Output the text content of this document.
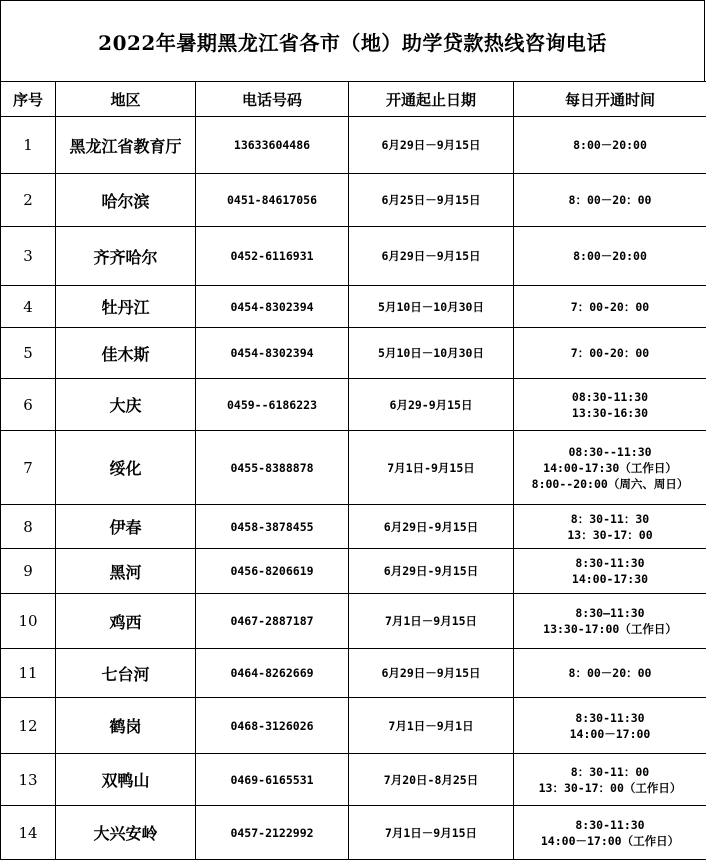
2022年暑期黑龙江省各市（地）助学贷款热线咨询电话
序号	地区	电话号码	开通起止日期	每日开通时间
1	黑龙江省教育厅	13633604486	6月29日－9月15日	8:00－20:00

2	哈尔滨	0451-84617056	6月25日－9月15日	8：00－20：00

3	齐齐哈尔	0452-6116931	6月29日－9月15日	8:00－20:00

4	牡丹江	0454-8302394	5月10日－10月30日	7：00-20：00

5	佳木斯	0454-8302394	5月10日－10月30日	7：00-20：00

6	大庆	0459--6186223	6月29-9月15日	08:30-11:30
13:30-16:30

7	绥化	0455-8388878	7月1日-9月15日	08:30--11:30
14:00-17:30（工作日）
8:00--20:00（周六、周日）

8	伊春	0458-3878455	6月29日-9月15日	8：30-11：30
13：30-17：00

9	黑河	0456-8206619	6月29日-9月15日	8:30-11:30
14:00-17:30

10	鸡西	0467-2887187	7月1日－9月15日	8:30—11:30
13:30-17:00（工作日）

11	七台河	0464-8262669	6月29日－9月15日	8：00－20：00

12	鹤岗	0468-3126026	7月1日－9月1日	8:30-11:30
14:00－17:00

13	双鸭山	0469-6165531	7月20日-8月25日	8：30-11：00
13：30-17：00（工作日）

14	大兴安岭	0457-2122992	7月1日－9月15日	8:30-11:30
14:00－17:00（工作日）
